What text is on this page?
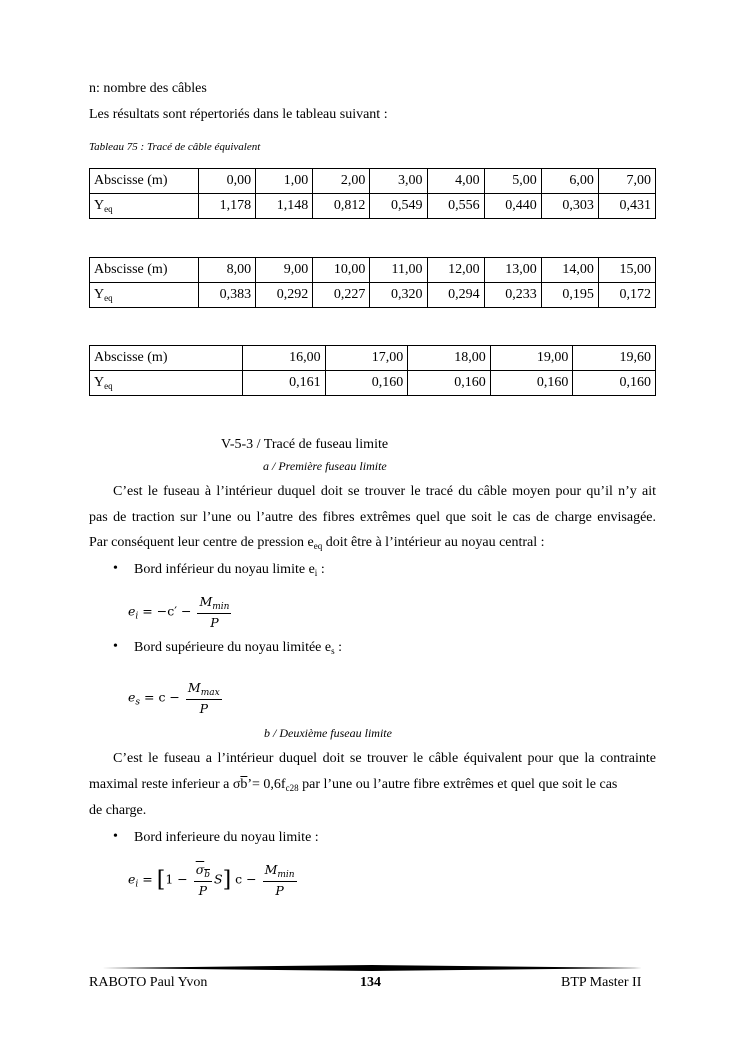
n: nombre des câbles
Les résultats sont répertoriés dans le tableau suivant :
Tableau 75 : Tracé de câble équivalent
Abscisse (m)	0,00	1,00	2,00	3,00	4,00	5,00	6,00	7,00
$Y_{eq}$	1,178	1,148	0,812	0,549	0,556	0,440	0,303	0,431
Abscisse (m)	8,00	9,00	10,00	11,00	12,00	13,00	14,00	15,00
$Y_{eq}$	0,383	0,292	0,227	0,320	0,294	0,233	0,195	0,172
Abscisse (m)	16,00	17,00	18,00	19,00	19,60
$Y_{eq}$	0,161	0,160	0,160	0,160	0,160
V-5-3 / Tracé de fuseau limite
a / Première fuseau limite
C’est le fuseau à l’intérieur duquel doit se trouver le tracé du câble moyen pour qu’il n’y ait
pas de traction sur l’une ou l’autre des fibres extrêmes quel que soit le cas de charge envisagée.
Par conséquent leur centre de pression $e_{eq}$ doit être à l’intérieur au noyau central :
• Bord inférieur du noyau limite $e_i$ :
$e_i = -c' - \frac{M_{min}}{P}$
• Bord supérieure du noyau limitée $e_s$ :
$e_s = c - \frac{M_{max}}{P}$
b / Deuxième fuseau limite
C’est le fuseau a l’intérieur duquel doit se trouver le câble équivalent pour que la contrainte
maximal reste inferieur a $\sigma\overline{b}’= 0,6f_{c28}$ par l’une ou l’autre fibre extrêmes et quel que soit le cas
de charge.
• Bord inferieure du noyau limite :
$e_i = [1 - \frac{\sigma_b}{P} S] c - \frac{M_{min}}{P}$
RABOTO Paul Yvon	134	BTP Master II
